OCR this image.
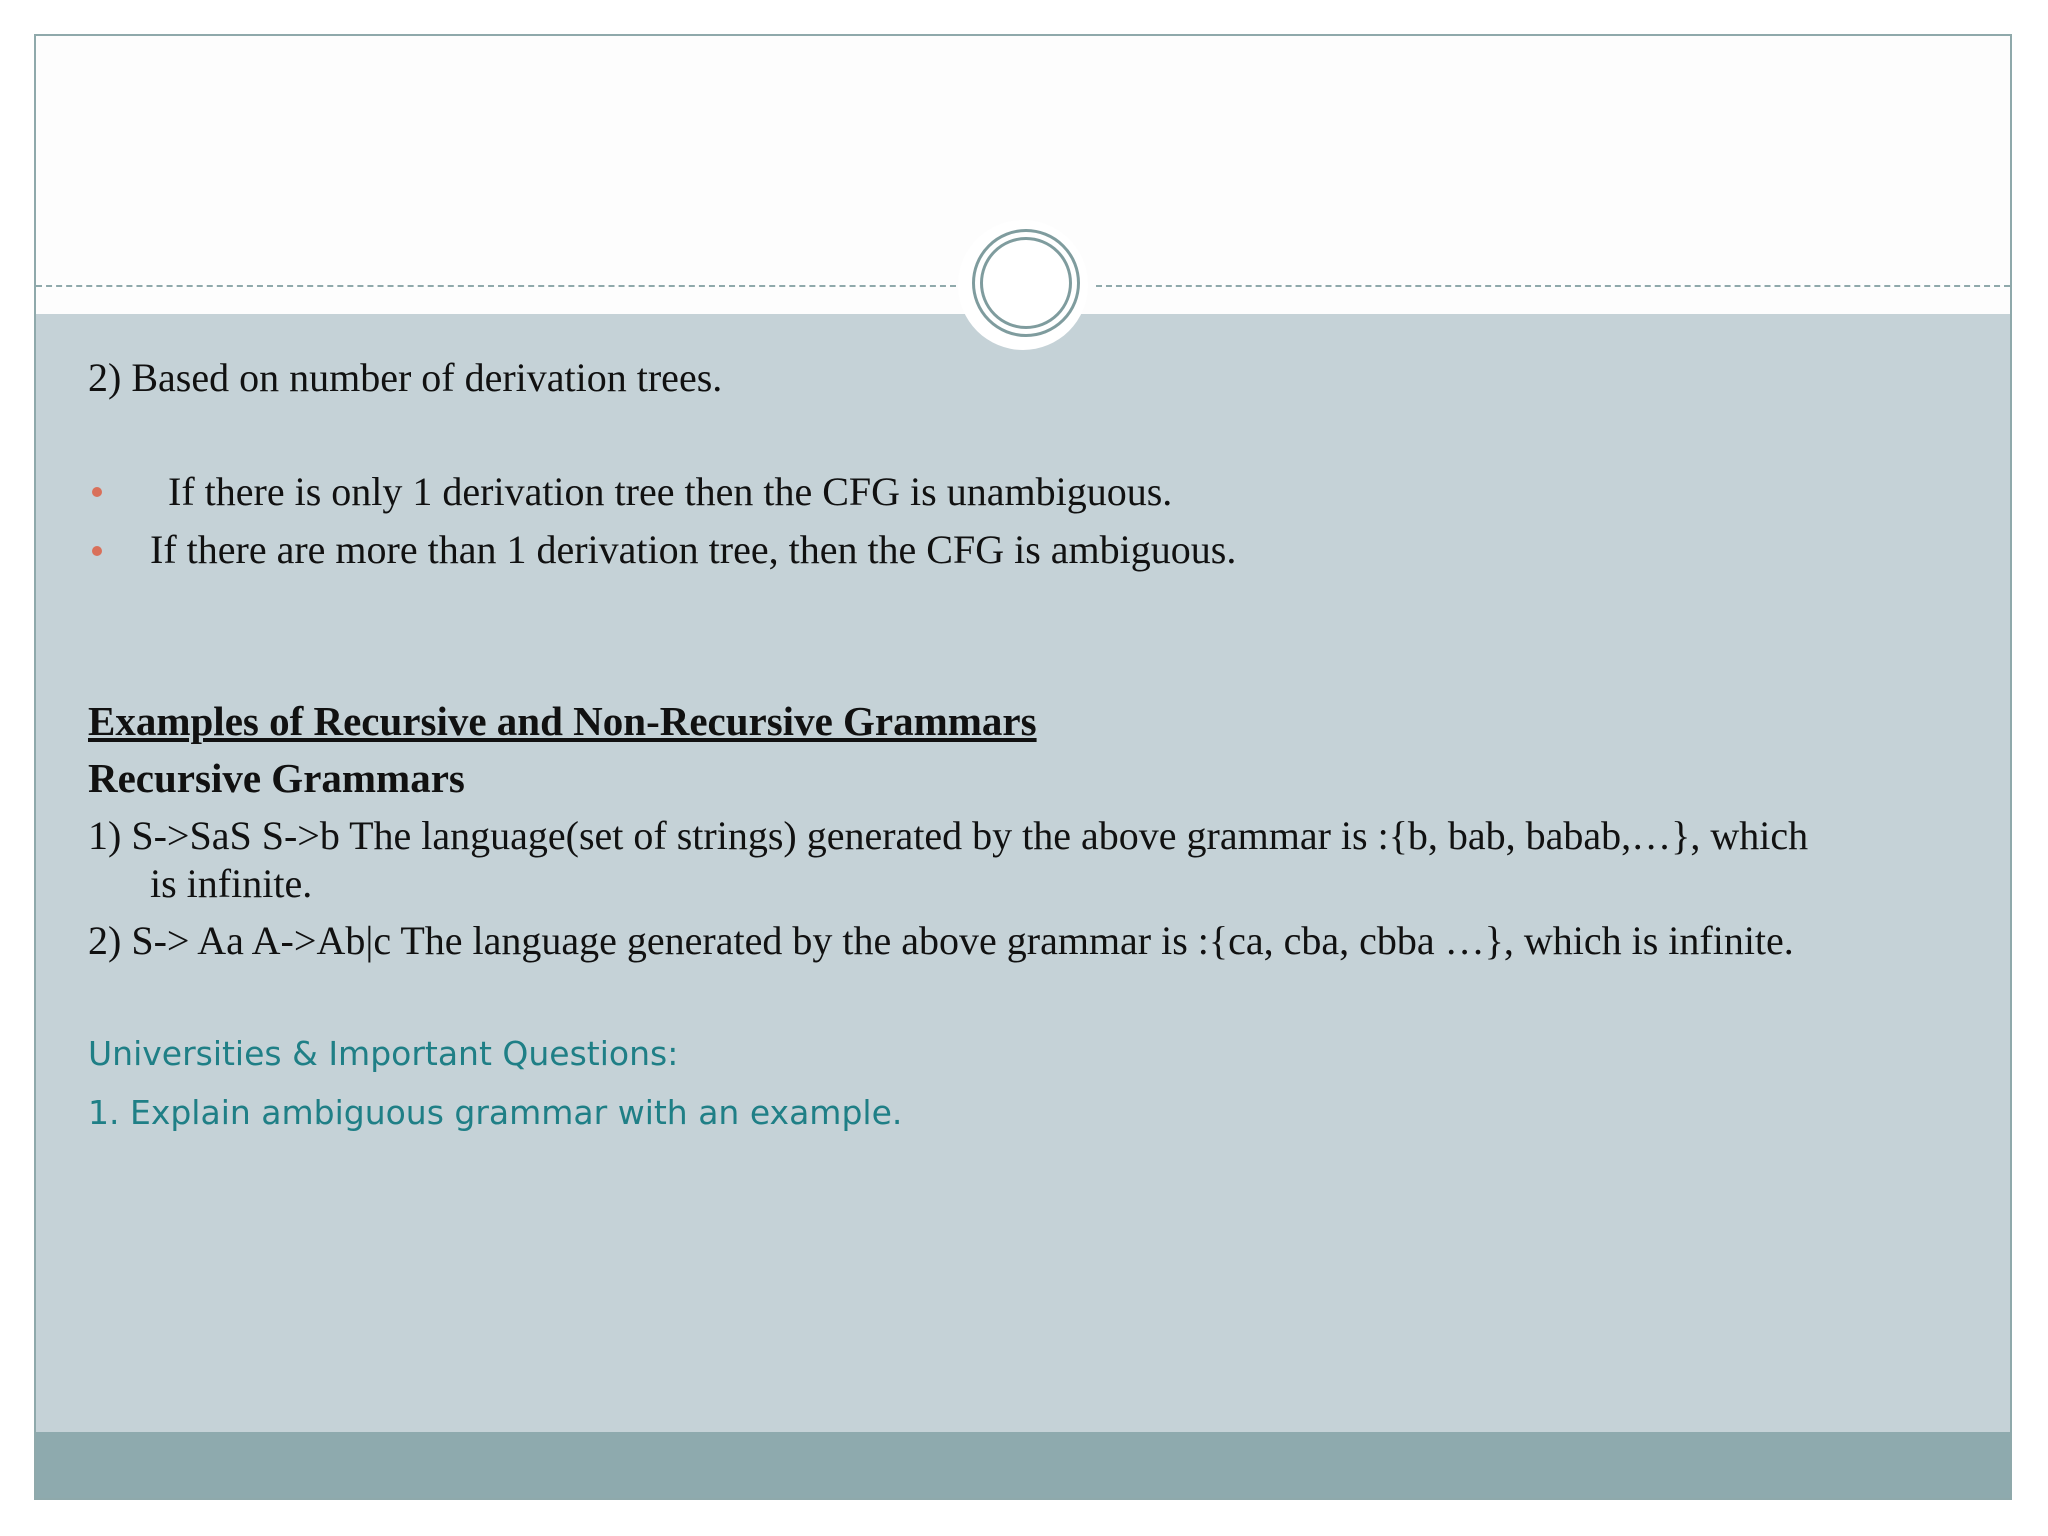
2) Based on number of derivation trees.
If there is only 1 derivation tree then the CFG is unambiguous.
If there are more than 1 derivation tree, then the CFG is ambiguous.
Examples of Recursive and Non-Recursive Grammars
Recursive Grammars
1) S->SaS S->b The language(set of strings) generated by the above grammar is :{b, bab, babab,…}, which
is infinite.
2) S-> Aa A->Ab|c The language generated by the above grammar is :{ca, cba, cbba …}, which is infinite.
Universities & Important Questions:
1. Explain ambiguous grammar with an example.
